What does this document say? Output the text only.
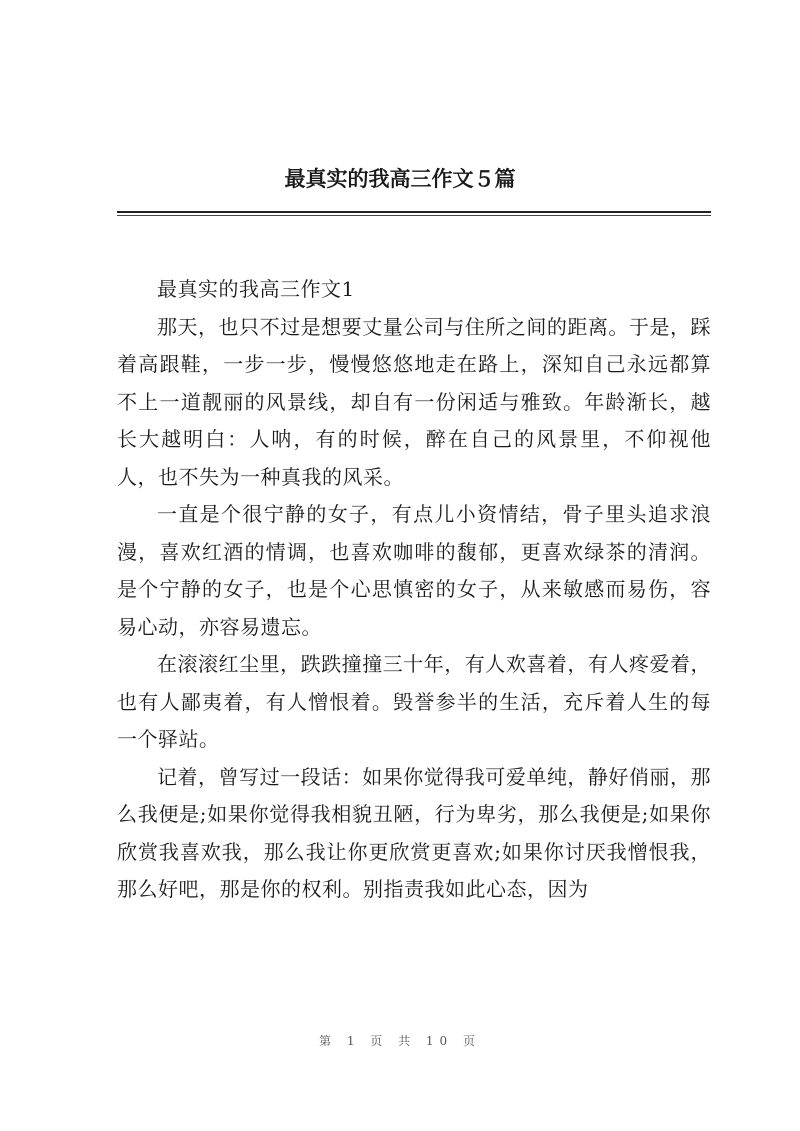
最真实的我高三作文５篇

最真实的我高三作文1

那天，也只不过是想要丈量公司与住所之间的距离。于是，踩着高跟鞋，一步一步，慢慢悠悠地走在路上，深知自己永远都算不上一道靓丽的风景线，却自有一份闲适与雅致。年龄渐长，越长大越明白：人呐，有的时候，醉在自己的风景里，不仰视他人，也不失为一种真我的风采。

一直是个很宁静的女子，有点儿小资情结，骨子里头追求浪漫，喜欢红酒的情调，也喜欢咖啡的馥郁，更喜欢绿茶的清润。是个宁静的女子，也是个心思慎密的女子，从来敏感而易伤，容易心动，亦容易遗忘。

在滚滚红尘里，跌跌撞撞三十年，有人欢喜着，有人疼爱着，也有人鄙夷着，有人憎恨着。毁誉参半的生活，充斥着人生的每一个驿站。

记着，曾写过一段话：如果你觉得我可爱单纯，静好俏丽，那么我便是;如果你觉得我相貌丑陋，行为卑劣，那么我便是;如果你欣赏我喜欢我，那么我让你更欣赏更喜欢;如果你讨厌我憎恨我，那么好吧，那是你的权利。别指责我如此心态，因为

第 1 页 共 10 页
